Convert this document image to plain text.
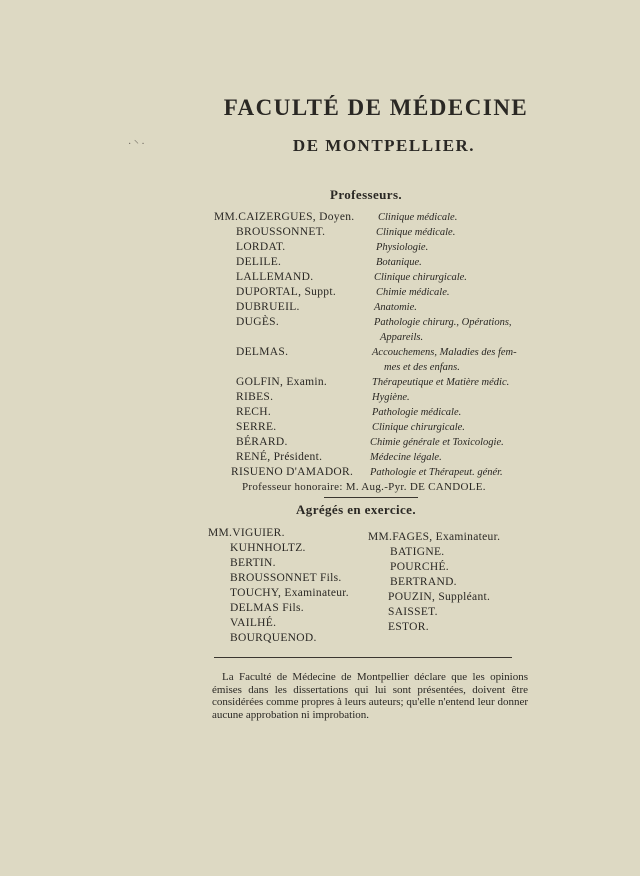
· ⸌ ·
FACULTÉ DE MÉDECINE
DE MONTPELLIER.
Professeurs.
MM.CAIZERGUES, Doyen.
BROUSSONNET.
LORDAT.
DELILE.
LALLEMAND.
DUPORTAL, Suppt.
DUBRUEIL.
DUGÈS.
DELMAS.
GOLFIN, Examin.
RIBES.
RECH.
SERRE.
BÉRARD.
RENÉ, Président.
RISUENO D'AMADOR.
Clinique médicale.
Clinique médicale.
Physiologie.
Botanique.
Clinique chirurgicale.
Chimie médicale.
Anatomie.
Pathologie chirurg., Opérations,
Appareils.
Accouchemens, Maladies des fem-
mes et des enfans.
Thérapeutique et Matière médic.
Hygiène.
Pathologie médicale.
Clinique chirurgicale.
Chimie générale et Toxicologie.
Médecine légale.
Pathologie et Thérapeut. génér.
Professeur honoraire: M. Aug.-Pyr. DE CANDOLE.
Agrégés en exercice.
MM.VIGUIER.
KUHNHOLTZ.
BERTIN.
BROUSSONNET Fils.
TOUCHY, Examinateur.
DELMAS Fils.
VAILHÉ.
BOURQUENOD.
MM.FAGES, Examinateur.
BATIGNE.
POURCHÉ.
BERTRAND.
POUZIN, Suppléant.
SAISSET.
ESTOR.
La Faculté de Médecine de Montpellier déclare que les opinions émises dans les dissertations qui lui sont présentées, doivent être considérées comme propres à leurs auteurs; qu'elle n'entend leur donner aucune approbation ni improbation.
